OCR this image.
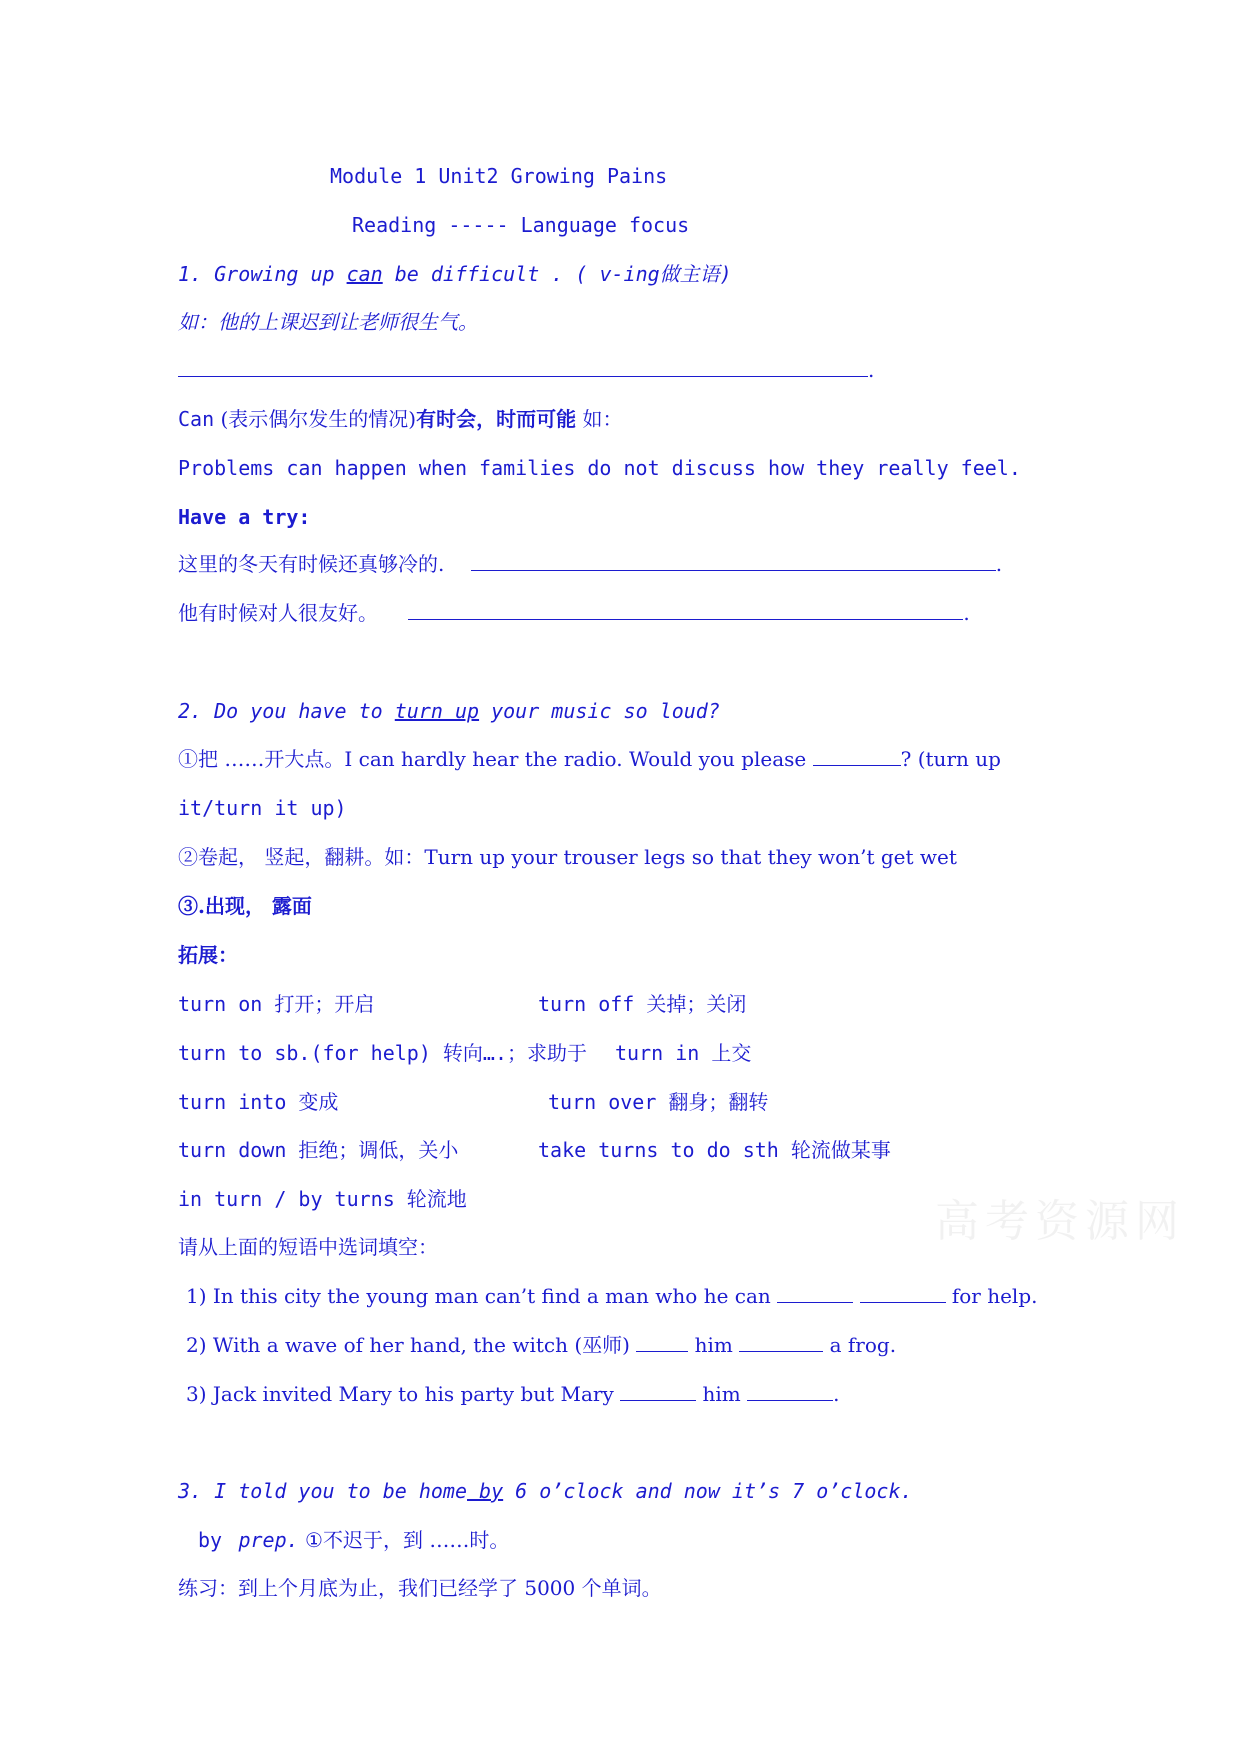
Module 1 Unit2 Growing Pains
Reading ----- Language focus
1. Growing up can be difficult . ( v-ing做主语)
如：他的上课迟到让老师很生气。
.
Can (表示偶尔发生的情况)有时会，时而可能 如：
Problems can happen when families do not discuss how they really feel.
Have a try:
这里的冬天有时候还真够冷的.	.
他有时候对人很友好。	.
2. Do you have to turn up your music so loud?
①把 ……开大点。I can hardly hear the radio. Would you please	? (turn up
it/turn it up)
②卷起， 竖起，翻耕。如：Turn up your trouser legs so that they won’t get wet
③.出现， 露面
拓展：
turn on 打开；开启	turn off 关掉；关闭
turn to sb.(for help) 转向….；求助于 turn in 上交
turn into 变成	turn over 翻身；翻转
turn down 拒绝；调低，关小	take turns to do sth 轮流做某事
in turn / by turns 轮流地
请从上面的短语中选词填空：
1) In this city the young man can’t find a man who he can	for help.
2) With a wave of her hand, the witch (巫师)	him	a frog.
3) Jack invited Mary to his party but Mary	him	.
3. I told you to be home by 6 o’clock and now it’s 7 o’clock.
by prep. ①不迟于，到 ……时。
练习：到上个月底为止，我们已经学了 5000 个单词。
高考资源网
